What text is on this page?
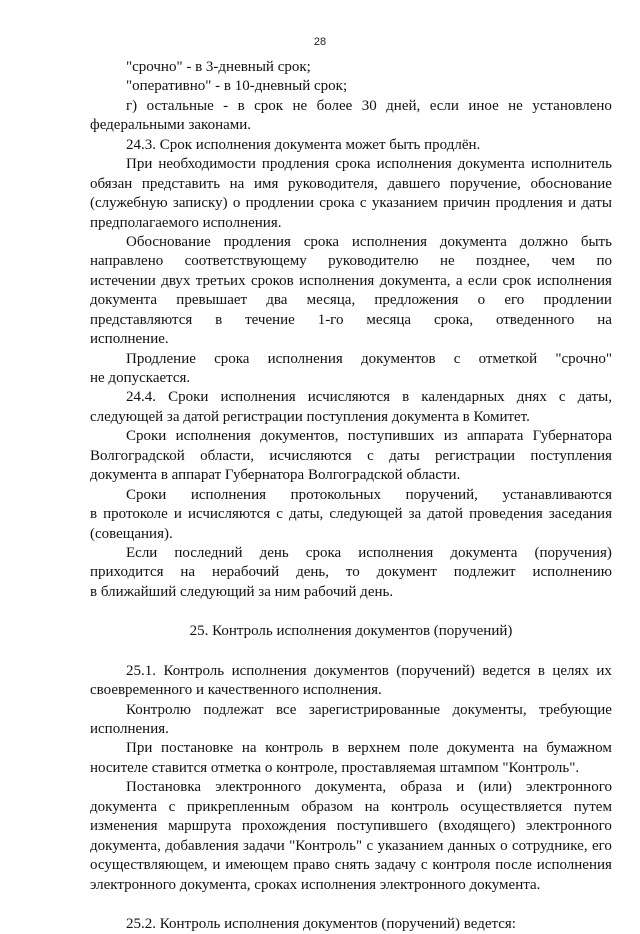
28
"срочно" - в 3-дневный срок;
"оперативно" - в 10-дневный срок;
г) остальные - в срок не более 30 дней, если иное не установлено
федеральными законами.
24.3. Срок исполнения документа может быть продлён.
При необходимости продления срока исполнения документа исполнитель
обязан представить на имя руководителя, давшего поручение, обоснование
(служебную записку) о продлении срока с указанием причин продления и даты
предполагаемого исполнения.
Обоснование продления срока исполнения документа должно быть
направлено соответствующему руководителю не позднее, чем по
истечении двух третьих сроков исполнения документа, а если срок исполнения
документа превышает два месяца, предложения о его продлении
представляются в течение 1-го месяца срока, отведенного на
исполнение.
Продление срока исполнения документов с отметкой "срочно"
не допускается.
24.4. Сроки исполнения исчисляются в календарных днях с даты,
следующей за датой регистрации поступления документа в Комитет.
Сроки исполнения документов, поступивших из аппарата Губернатора
Волгоградской области, исчисляются с даты регистрации поступления
документа в аппарат Губернатора Волгоградской области.
Сроки исполнения протокольных поручений, устанавливаются
в протоколе и исчисляются с даты, следующей за датой проведения заседания
(совещания).
Если последний день срока исполнения документа (поручения)
приходится на нерабочий день, то документ подлежит исполнению
в ближайший следующий за ним рабочий день.
25. Контроль исполнения документов (поручений)
25.1. Контроль исполнения документов (поручений) ведется в целях их
своевременного и качественного исполнения.
Контролю подлежат все зарегистрированные документы, требующие
исполнения.
При постановке на контроль в верхнем поле документа на бумажном
носителе ставится отметка о контроле, проставляемая штампом "Контроль".
Постановка электронного документа, образа и (или) электронного
документа с прикрепленным образом на контроль осуществляется путем
изменения маршрута прохождения поступившего (входящего) электронного
документа, добавления задачи "Контроль" с указанием данных о сотруднике, его
осуществляющем, и имеющем право снять задачу с контроля после исполнения
электронного документа, сроках исполнения электронного документа.
25.2. Контроль исполнения документов (поручений) ведется:
